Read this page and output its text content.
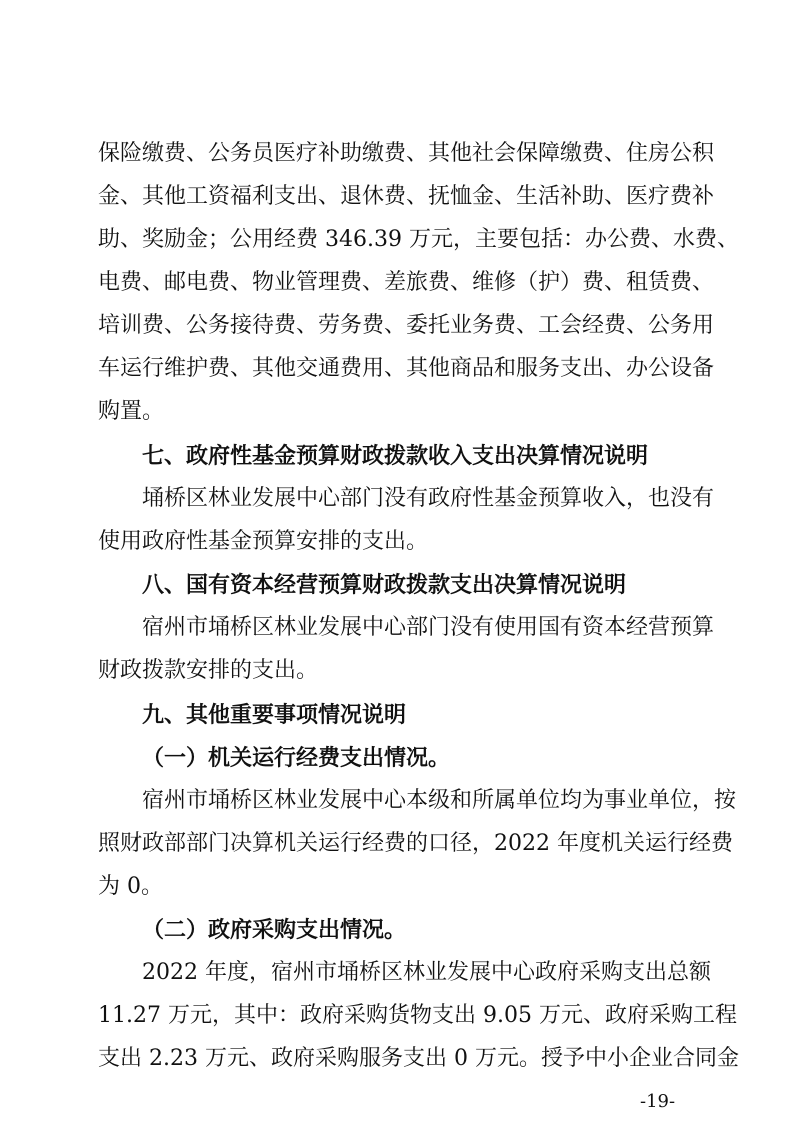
保险缴费、公务员医疗补助缴费、其他社会保障缴费、住房公积
金、其他工资福利支出、退休费、抚恤金、生活补助、医疗费补
助、奖励金；公用经费 346.39 万元，主要包括：办公费、水费、
电费、邮电费、物业管理费、差旅费、维修（护）费、租赁费、
培训费、公务接待费、劳务费、委托业务费、工会经费、公务用
车运行维护费、其他交通费用、其他商品和服务支出、办公设备
购置。
七、政府性基金预算财政拨款收入支出决算情况说明
埇桥区林业发展中心部门没有政府性基金预算收入，也没有
使用政府性基金预算安排的支出。
八、国有资本经营预算财政拨款支出决算情况说明
宿州市埇桥区林业发展中心部门没有使用国有资本经营预算
财政拨款安排的支出。
九、其他重要事项情况说明
（一）机关运行经费支出情况。
宿州市埇桥区林业发展中心本级和所属单位均为事业单位，按
照财政部部门决算机关运行经费的口径，2022 年度机关运行经费
为 0。
（二）政府采购支出情况。
2022 年度，宿州市埇桥区林业发展中心政府采购支出总额
11.27 万元，其中：政府采购货物支出 9.05 万元、政府采购工程
支出 2.23 万元、政府采购服务支出 0 万元。授予中小企业合同金
-19-
